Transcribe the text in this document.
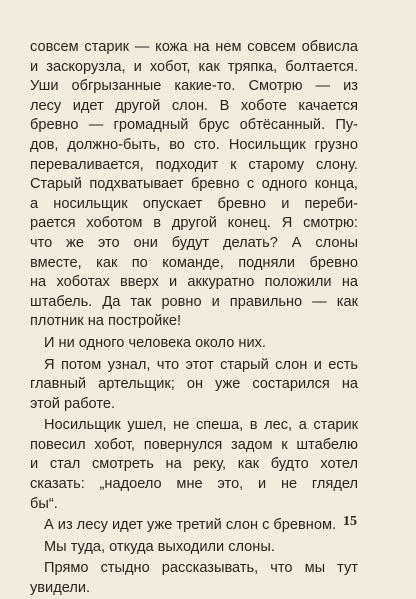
совсем старик — кожа на нем совсем обвисла
и заскорузла, и хобот, как тряпка, болтается.
Уши обгрызанные какие-то. Смотрю — из
лесу идет другой слон. В хоботе качается
бревно — громадный брус обтёсанный. Пу-
дов, должно-быть, во сто. Носильщик грузно
переваливается, подходит к старому слону.
Старый подхватывает бревно с одного конца,
а носильщик опускает бревно и переби-
рается хоботом в другой конец. Я смотрю:
что же это они будут делать? А слоны
вместе, как по команде, подняли бревно
на хоботах вверх и аккуратно положили на
штабель. Да так ровно и правильно — как
плотник на постройке!
И ни одного человека около них.
Я потом узнал, что этот старый слон и есть
главный артельщик; он уже состарился на
этой работе.
Носильщик ушел, не спеша, в лес, а старик
повесил хобот, повернулся задом к штабелю
и стал смотреть на реку, как будто хотел
сказать: „надоело мне это, и не глядел
бы“.
А из лесу идет уже третий слон с бревном.
Мы туда, откуда выходили слоны.
Прямо стыдно рассказывать, что мы тут
увидели.
15
